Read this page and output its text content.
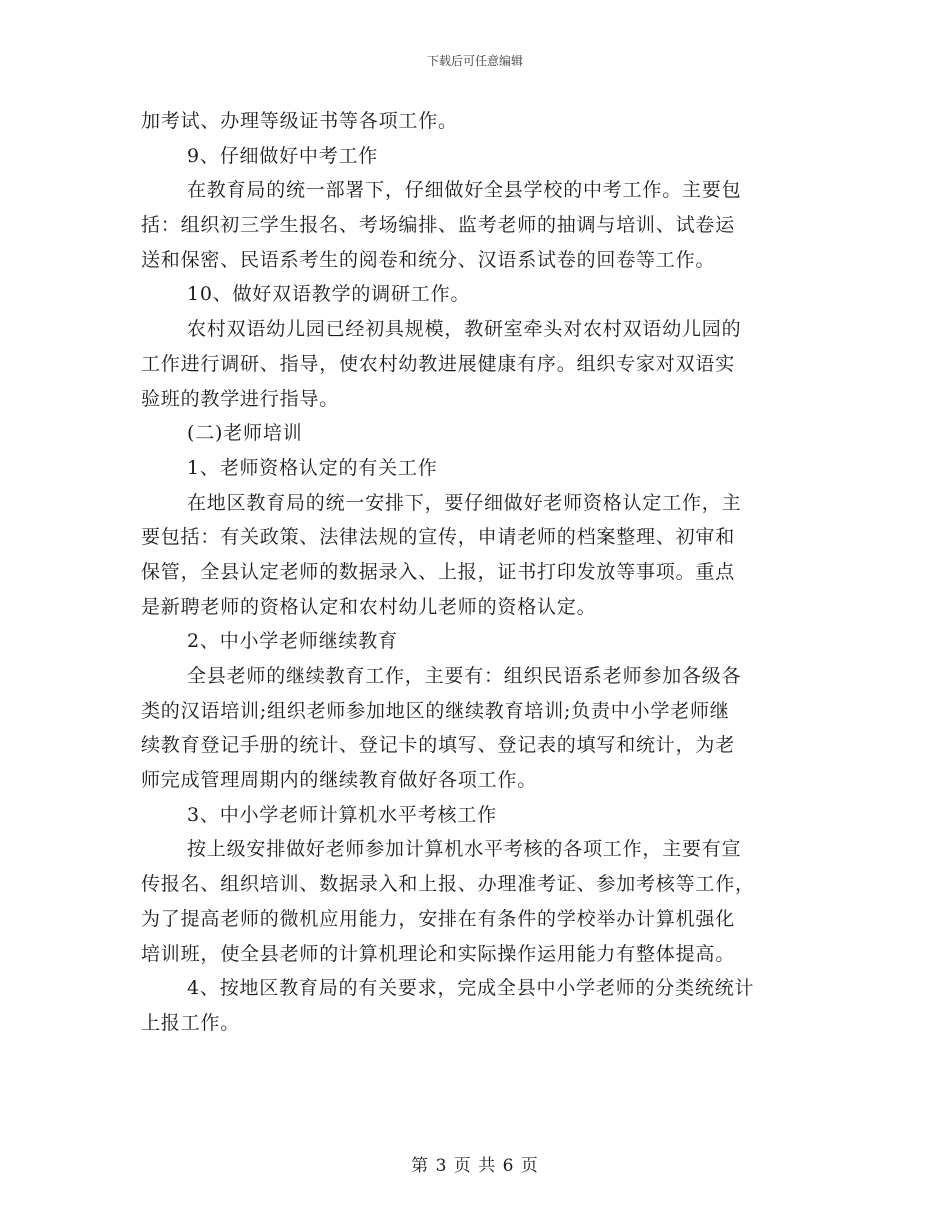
下载后可任意编辑

加考试、办理等级证书等各项工作。

9、仔细做好中考工作

在教育局的统一部署下，仔细做好全县学校的中考工作。主要包

括：组织初三学生报名、考场编排、监考老师的抽调与培训、试卷运

送和保密、民语系考生的阅卷和统分、汉语系试卷的回卷等工作。

10、做好双语教学的调研工作。

农村双语幼儿园已经初具规模，教研室牵头对农村双语幼儿园的

工作进行调研、指导，使农村幼教进展健康有序。组织专家对双语实

验班的教学进行指导。

(二)老师培训

1、老师资格认定的有关工作

在地区教育局的统一安排下，要仔细做好老师资格认定工作，主

要包括：有关政策、法律法规的宣传，申请老师的档案整理、初审和

保管，全县认定老师的数据录入、上报，证书打印发放等事项。重点

是新聘老师的资格认定和农村幼儿老师的资格认定。

2、中小学老师继续教育

全县老师的继续教育工作，主要有：组织民语系老师参加各级各

类的汉语培训;组织老师参加地区的继续教育培训;负责中小学老师继

续教育登记手册的统计、登记卡的填写、登记表的填写和统计，为老

师完成管理周期内的继续教育做好各项工作。

3、中小学老师计算机水平考核工作

按上级安排做好老师参加计算机水平考核的各项工作，主要有宣

传报名、组织培训、数据录入和上报、办理准考证、参加考核等工作，

为了提高老师的微机应用能力，安排在有条件的学校举办计算机强化

培训班，使全县老师的计算机理论和实际操作运用能力有整体提高。

4、按地区教育局的有关要求，完成全县中小学老师的分类统统计

上报工作。

第 3 页 共 6 页
